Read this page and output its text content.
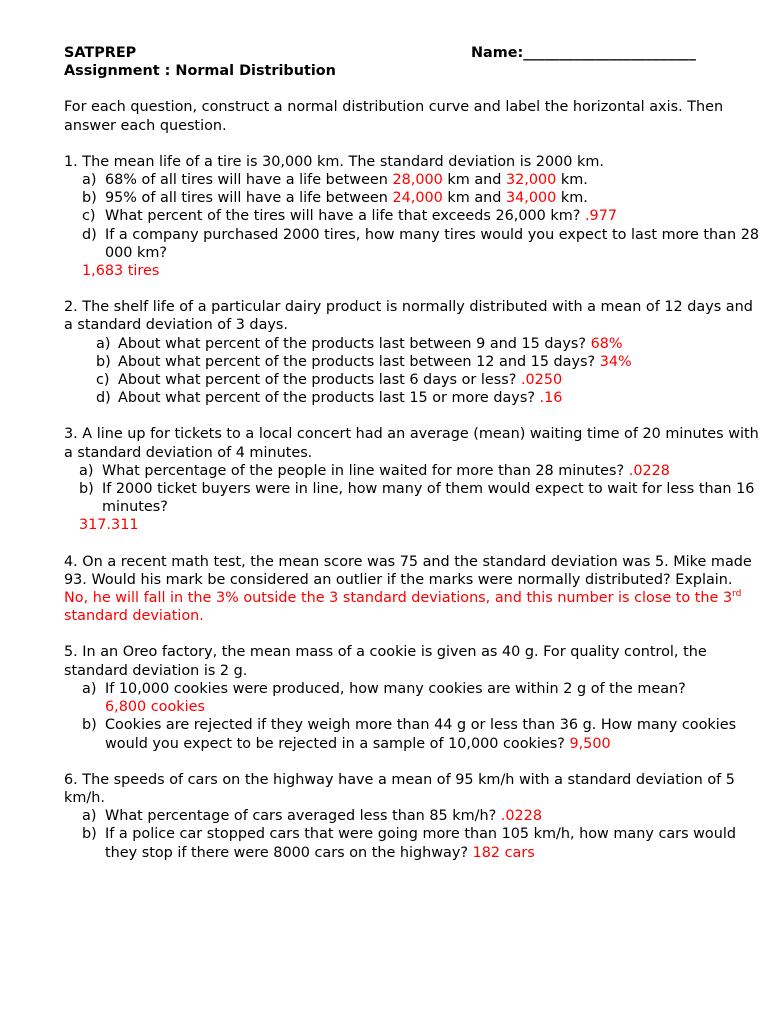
SATPREP	Name:________________________
Assignment : Normal Distribution

For each question, construct a normal distribution curve and label the horizontal axis. Then answer each question.

1. The mean life of a tire is 30,000 km. The standard deviation is 2000 km.

a) 68% of all tires will have a life between 28,000 km and 32,000 km.
b) 95% of all tires will have a life between 24,000 km and 34,000 km.
c) What percent of the tires will have a life that exceeds 26,000 km? .977
d) If a company purchased 2000 tires, how many tires would you expect to last more than 28 000 km?
1,683 tires

2. The shelf life of a particular dairy product is normally distributed with a mean of 12 days and a standard deviation of 3 days.

a) About what percent of the products last between 9 and 15 days? 68%
b) About what percent of the products last between 12 and 15 days? 34%
c) About what percent of the products last 6 days or less? .0250
d) About what percent of the products last 15 or more days? .16

3. A line up for tickets to a local concert had an average (mean) waiting time of 20 minutes with a standard deviation of 4 minutes.

a) What percentage of the people in line waited for more than 28 minutes? .0228
b) If 2000 ticket buyers were in line, how many of them would expect to wait for less than 16 minutes?
317.311

4. On a recent math test, the mean score was 75 and the standard deviation was 5. Mike made 93. Would his mark be considered an outlier if the marks were normally distributed? Explain.

No, he will fall in the 3% outside the 3 standard deviations, and this number is close to the 3rd standard deviation.

5. In an Oreo factory, the mean mass of a cookie is given as 40 g. For quality control, the standard deviation is 2 g.

a) If 10,000 cookies were produced, how many cookies are within 2 g of the mean?
6,800 cookies
b) Cookies are rejected if they weigh more than 44 g or less than 36 g. How many cookies would you expect to be rejected in a sample of 10,000 cookies? 9,500

6. The speeds of cars on the highway have a mean of 95 km/h with a standard deviation of 5 km/h.

a) What percentage of cars averaged less than 85 km/h? .0228
b) If a police car stopped cars that were going more than 105 km/h, how many cars would they stop if there were 8000 cars on the highway? 182 cars
